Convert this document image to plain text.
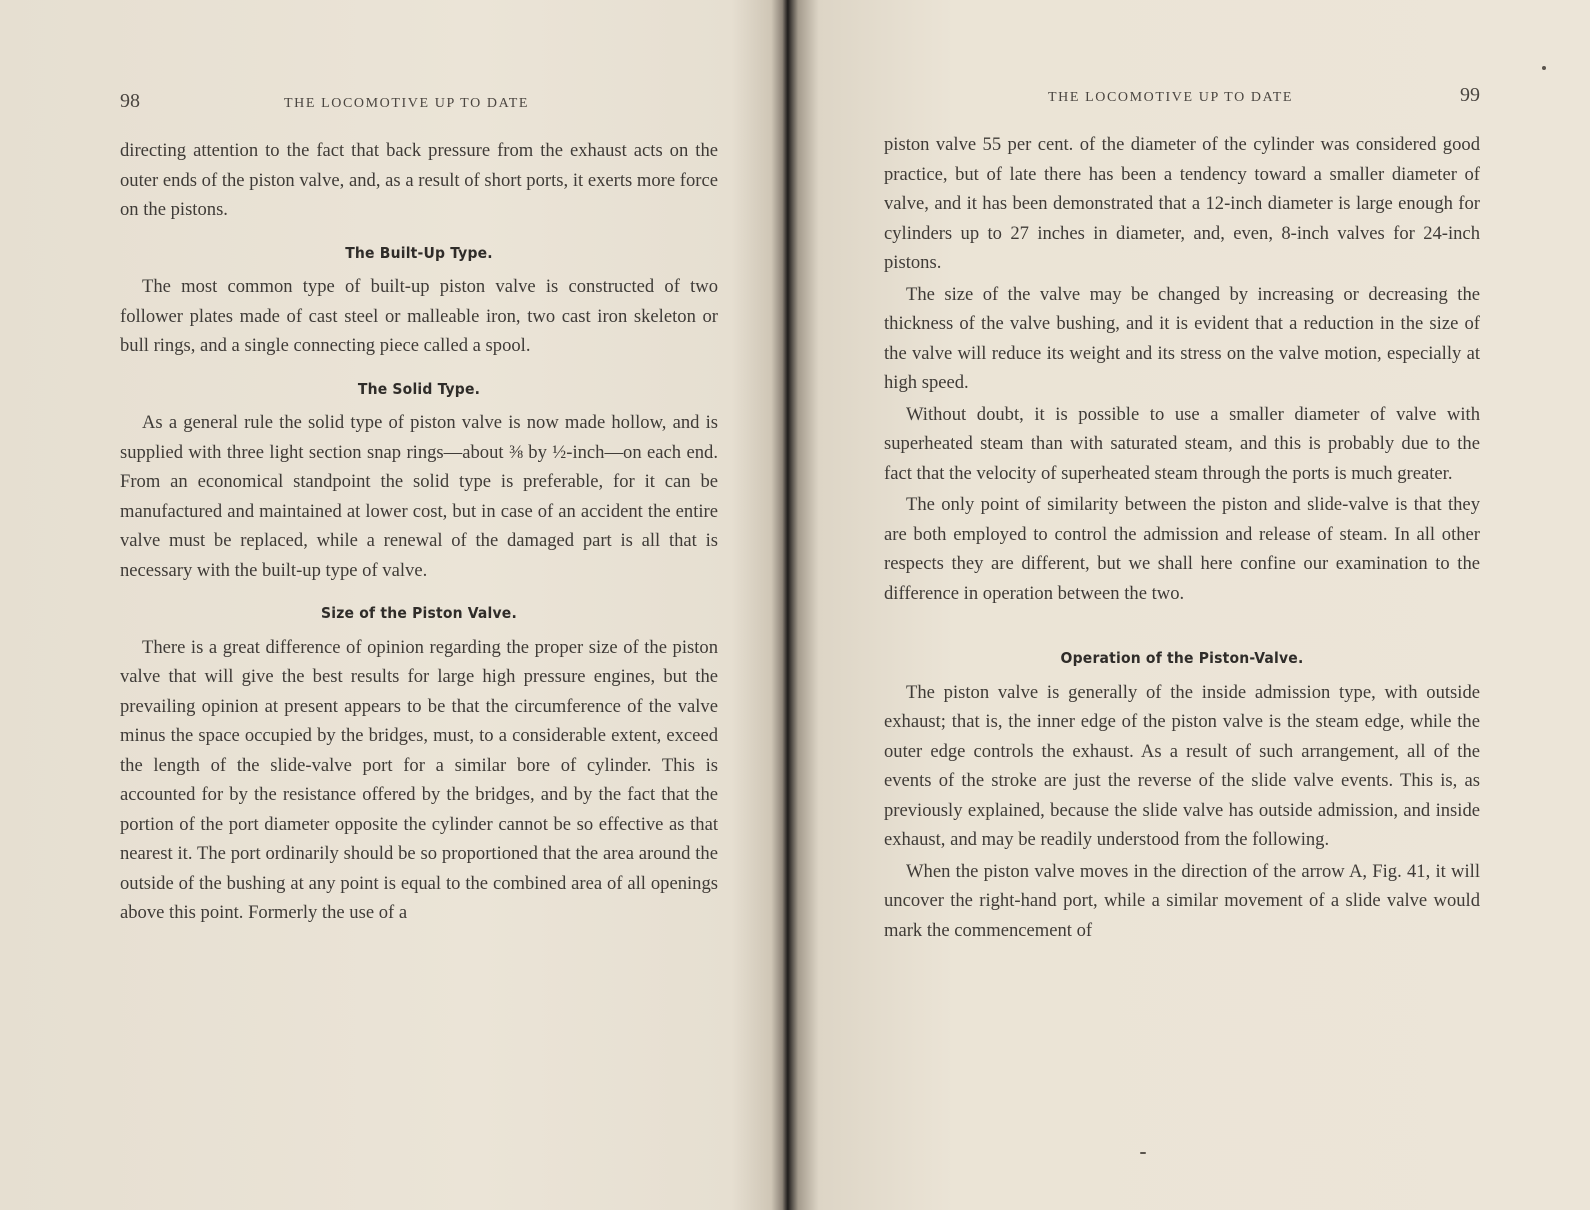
98	THE LOCOMOTIVE UP TO DATE

directing attention to the fact that back pressure from the exhaust acts on the outer ends of the piston valve, and, as a result of short ports, it exerts more force on the pistons.

The Built-Up Type.

The most common type of built-up piston valve is constructed of two follower plates made of cast steel or malleable iron, two cast iron skeleton or bull rings, and a single connecting piece called a spool.

The Solid Type.

As a general rule the solid type of piston valve is now made hollow, and is supplied with three light section snap rings—about ⅜ by ½-inch—on each end. From an economical standpoint the solid type is preferable, for it can be manufactured and maintained at lower cost, but in case of an accident the entire valve must be replaced, while a renewal of the damaged part is all that is necessary with the built-up type of valve.

Size of the Piston Valve.

There is a great difference of opinion regarding the proper size of the piston valve that will give the best results for large high pressure engines, but the prevailing opinion at present appears to be that the circumference of the valve minus the space occupied by the bridges, must, to a considerable extent, exceed the length of the slide-valve port for a similar bore of cylinder. This is accounted for by the resistance offered by the bridges, and by the fact that the portion of the port diameter opposite the cylinder cannot be so effective as that nearest it. The port ordinarily should be so proportioned that the area around the outside of the bushing at any point is equal to the combined area of all openings above this point. Formerly the use of a

THE LOCOMOTIVE UP TO DATE	99

piston valve 55 per cent. of the diameter of the cylinder was considered good practice, but of late there has been a tendency toward a smaller diameter of valve, and it has been demonstrated that a 12-inch diameter is large enough for cylinders up to 27 inches in diameter, and, even, 8-inch valves for 24-inch pistons.

The size of the valve may be changed by increasing or decreasing the thickness of the valve bushing, and it is evident that a reduction in the size of the valve will reduce its weight and its stress on the valve motion, especially at high speed.

Without doubt, it is possible to use a smaller diameter of valve with superheated steam than with saturated steam, and this is probably due to the fact that the velocity of superheated steam through the ports is much greater.

The only point of similarity between the piston and slide-valve is that they are both employed to control the admission and release of steam. In all other respects they are different, but we shall here confine our examination to the difference in operation between the two.

Operation of the Piston-Valve.

The piston valve is generally of the inside admission type, with outside exhaust; that is, the inner edge of the piston valve is the steam edge, while the outer edge controls the exhaust. As a result of such arrangement, all of the events of the stroke are just the reverse of the slide valve events. This is, as previously explained, because the slide valve has outside admission, and inside exhaust, and may be readily understood from the following.

When the piston valve moves in the direction of the arrow A, Fig. 41, it will uncover the right-hand port, while a similar movement of a slide valve would mark the commencement of
